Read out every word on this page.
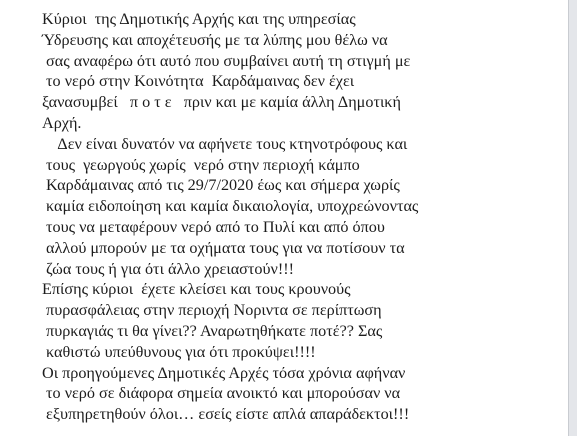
Κύριοι  της Δημοτικής Αρχής και της υπηρεσίας
Ύδρευσης και αποχέτευσής με τα λύπης μου θέλω να
σας αναφέρω ότι αυτό που συμβαίνει αυτή τη στιγμή με
το νερό στην Κοινότητα  Καρδάμαινας δεν έχει
ξανασυμβεί   π ο τ ε   πριν και με καμία άλλη Δημοτική
Αρχή.
Δεν είναι δυνατόν να αφήνετε τους κτηνοτρόφους και
τους  γεωργούς χωρίς  νερό στην περιοχή κάμπο
Καρδάμαινας από τις 29/7/2020 έως και σήμερα χωρίς
καμία ειδοποίηση και καμία δικαιολογία, υποχρεώνοντας
τους να μεταφέρουν νερό από το Πυλί και από όπου
αλλού μπορούν με τα οχήματα τους για να ποτίσουν τα
ζώα τους ή για ότι άλλο χρειαστούν!!!
Επίσης κύριοι  έχετε κλείσει και τους κρουνούς
πυρασφάλειας στην περιοχή Νοριντα σε περίπτωση
πυρκαγιάς τι θα γίνει?? Αναρωτηθήκατε ποτέ?? Σας
καθιστώ υπεύθυνους για ότι προκύψει!!!!
Οι προηγούμενες Δημοτικές Αρχές τόσα χρόνια αφήναν
το νερό σε διάφορα σημεία ανοικτό και μπορούσαν να
εξυπηρετηθούν όλοι… εσείς είστε απλά απαράδεκτοι!!!
